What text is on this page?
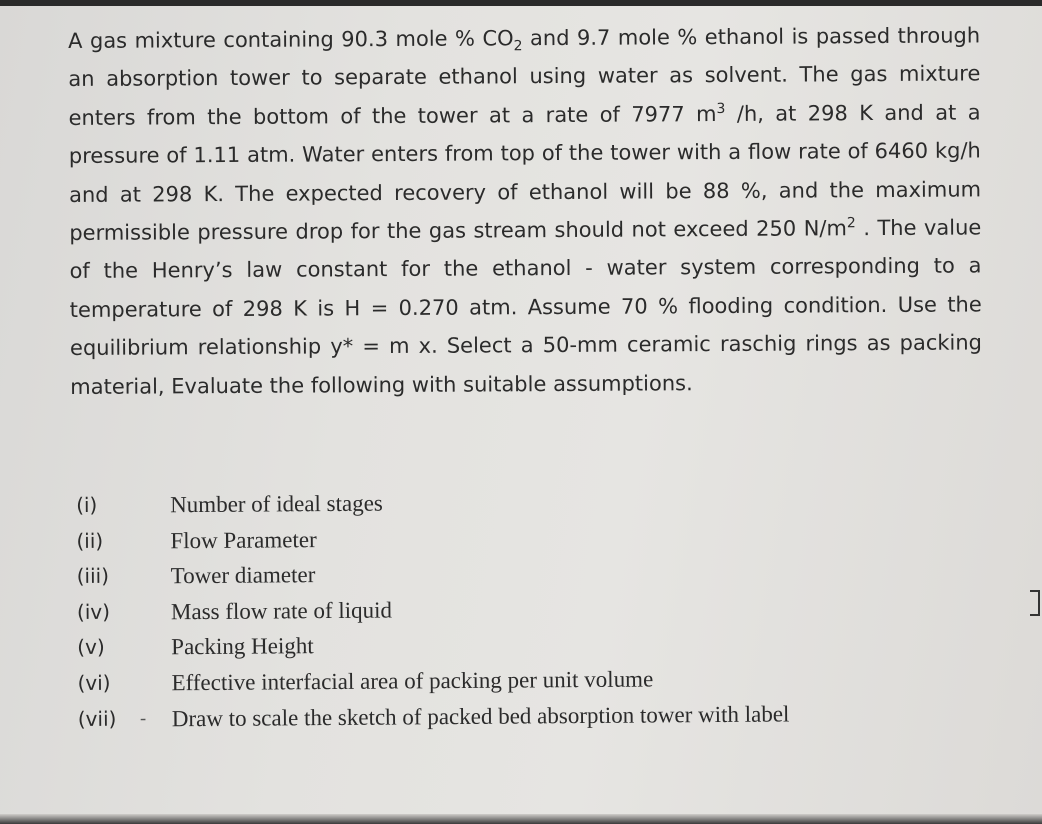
A gas mixture containing 90.3 mole % $CO_2$ and 9.7 mole % ethanol is passed through an absorption tower to separate ethanol using water as solvent. The gas mixture enters from the bottom of the tower at a rate of 7977 $m^3$ /h, at 298 K and at a pressure of 1.11 atm. Water enters from top of the tower with a flow rate of 6460 kg/h and at 298 K. The expected recovery of ethanol will be 88 %, and the maximum permissible pressure drop for the gas stream should not exceed 250 $N/m^2$ . The value of the Henry’s law constant for the ethanol - water system corresponding to a temperature of 298 K is H = 0.270 atm. Assume 70 % flooding condition. Use the equilibrium relationship y* = m x. Select a 50-mm ceramic raschig rings as packing material, Evaluate the following with suitable assumptions.

(i)	Number of ideal stages
(ii)	Flow Parameter
(iii)	Tower diameter
(iv)	Mass flow rate of liquid
(v)	Packing Height
(vi)	Effective interfacial area of packing per unit volume
(vii) - Draw to scale the sketch of packed bed absorption tower with label
